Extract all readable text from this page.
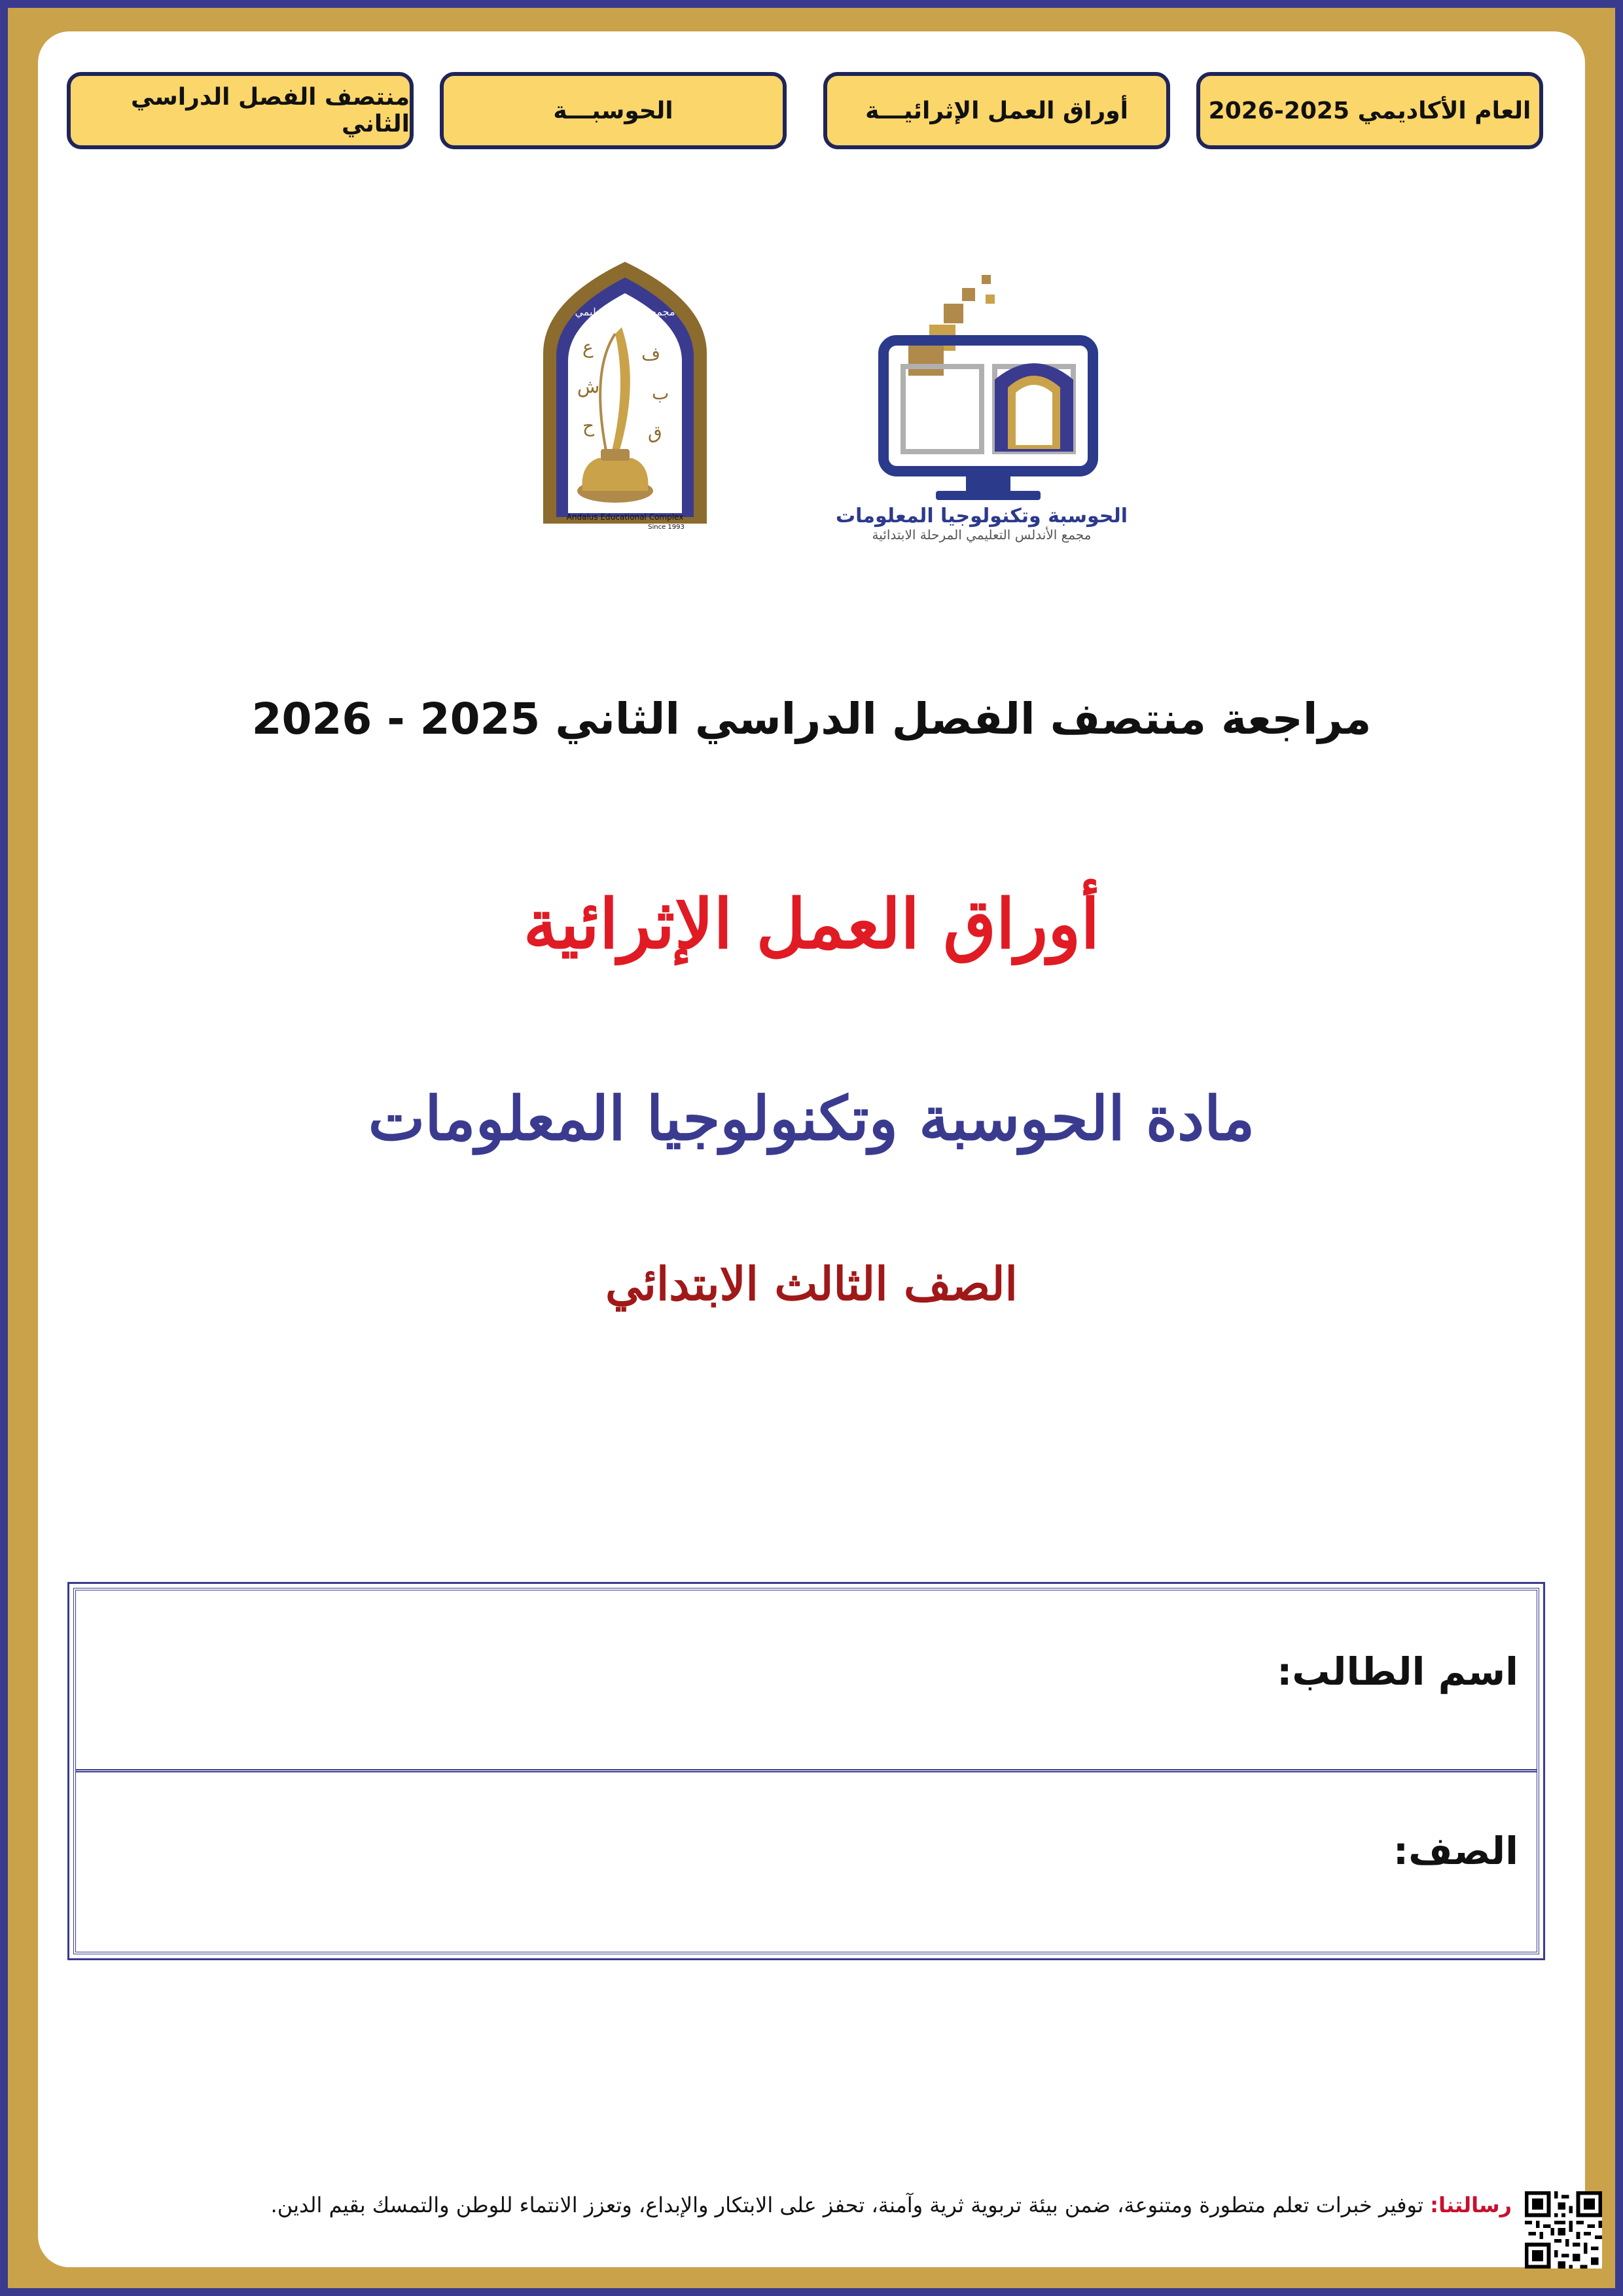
العام الأكاديمي 2025-2026
أوراق العمل الإثرائيـــة
الحوسبـــة
منتصف الفصل الدراسي الثاني
الحوسبة وتكنولوجيا المعلومات
مجمع الأندلس التعليمي المرحلة الابتدائية
ع	ف
ش	ب
ح	ق
مجمع الأندلس التعليمي
Andalus Educational Complex
Since 1993
مراجعة منتصف الفصل الدراسي الثاني 2025 - 2026
أوراق العمل الإثرائية
مادة الحوسبة وتكنولوجيا المعلومات
الصف الثالث الابتدائي
اسم الطالب:
الصف:
رسالتنا: توفير خبرات تعلم متطورة ومتنوعة، ضمن بيئة تربوية ثرية وآمنة، تحفز على الابتكار والإبداع، وتعزز الانتماء للوطن والتمسك بقيم الدين.
